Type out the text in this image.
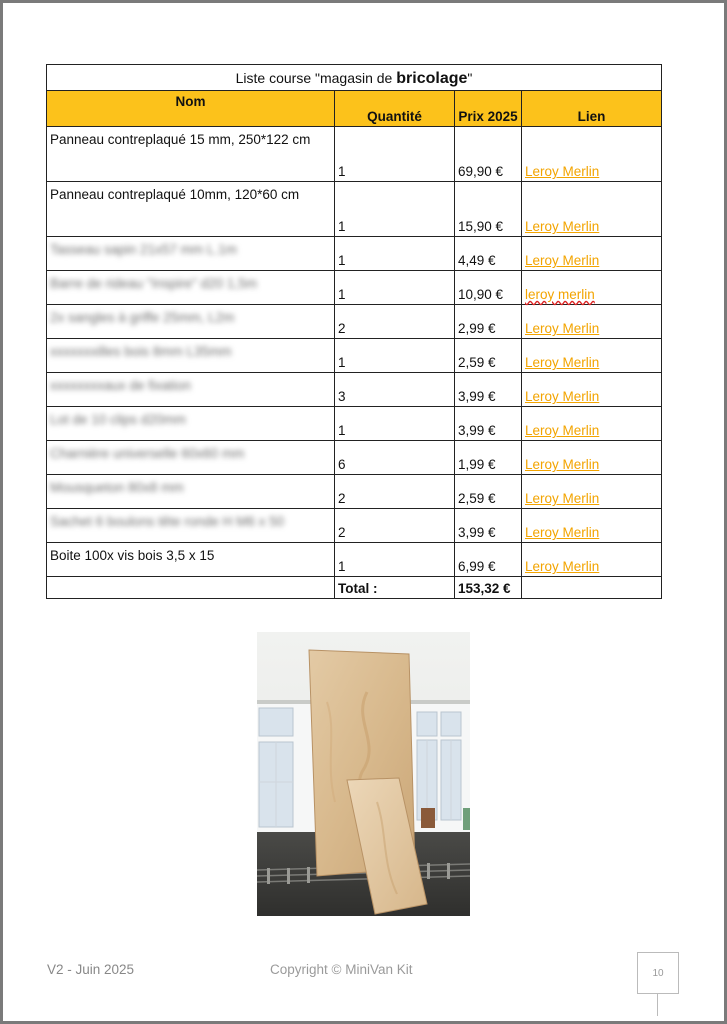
Liste course "magasin de bricolage"			
Nom	Quantité	Prix 2025	Lien
Panneau contreplaqué 15 mm, 250*122 cm	1	69,90 €	Leroy Merlin
Panneau contreplaqué 10mm, 120*60 cm	1	15,90 €	Leroy Merlin
Tasseau sapin 21x57 mm L.1m	1	4,49 €	Leroy Merlin
Barre de rideau "Inspire" d20 1,5m	1	10,90 €	leroy merlin
2x sangles à griffe 25mm, L2m	2	2,99 €	Leroy Merlin
xxxxxxxilles bois 8mm L35mm	1	2,59 €	Leroy Merlin
xxxxxxxxaux de fixation	3	3,99 €	Leroy Merlin
Lot de 10 clips d20mm	1	3,99 €	Leroy Merlin
Charnière universelle 60x60 mm	6	1,99 €	Leroy Merlin
Mousqueton 80x8 mm	2	2,59 €	Leroy Merlin
Sachet 6 boulons tête ronde H M6 x 50	2	3,99 €	Leroy Merlin
Boite 100x vis bois 3,5 x 15	1	6,99 €	Leroy Merlin
	Total :	153,32 €	
V2 - Juin 2025	Copyright © MiniVan Kit	10
